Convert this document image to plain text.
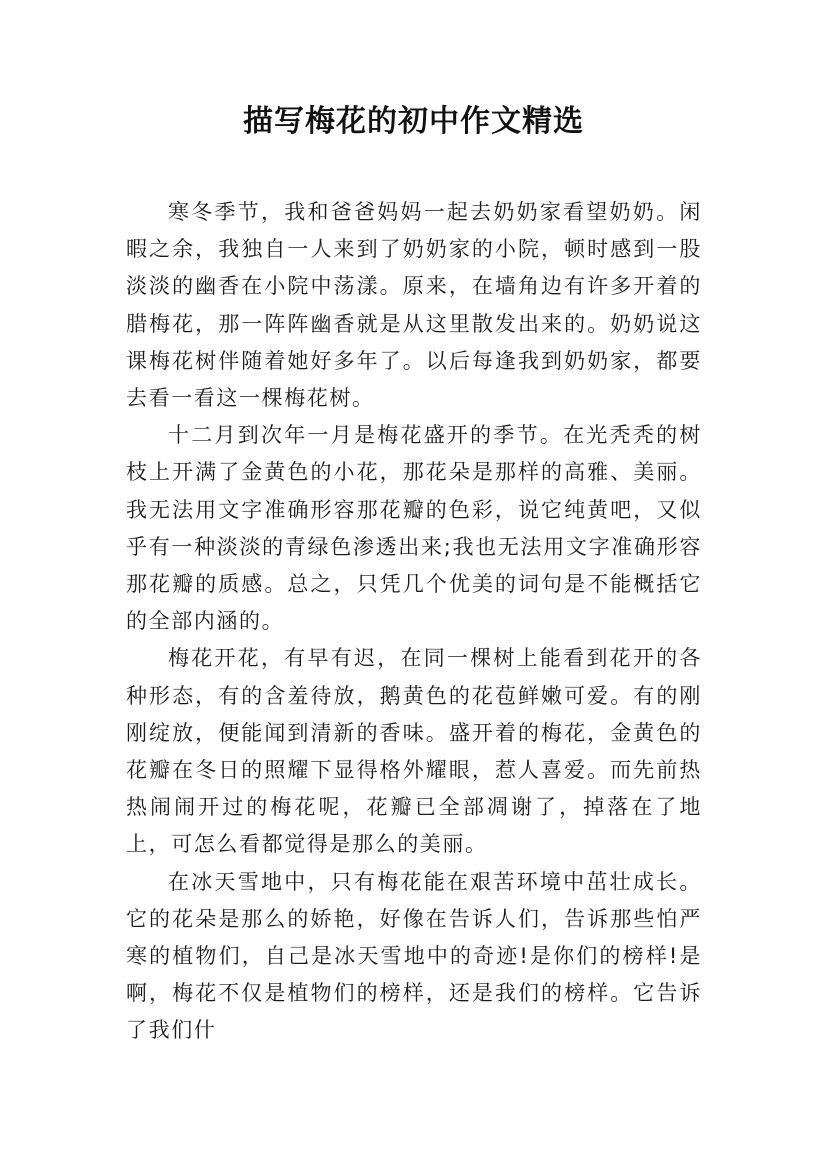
描写梅花的初中作文精选

寒冬季节，我和爸爸妈妈一起去奶奶家看望奶奶。闲暇之余，我独自一人来到了奶奶家的小院，顿时感到一股淡淡的幽香在小院中荡漾。原来，在墙角边有许多开着的腊梅花，那一阵阵幽香就是从这里散发出来的。奶奶说这课梅花树伴随着她好多年了。以后每逢我到奶奶家，都要去看一看这一棵梅花树。

十二月到次年一月是梅花盛开的季节。在光秃秃的树枝上开满了金黄色的小花，那花朵是那样的高雅、美丽。我无法用文字准确形容那花瓣的色彩，说它纯黄吧，又似乎有一种淡淡的青绿色渗透出来;我也无法用文字准确形容那花瓣的质感。总之，只凭几个优美的词句是不能概括它的全部内涵的。

梅花开花，有早有迟，在同一棵树上能看到花开的各种形态，有的含羞待放，鹅黄色的花苞鲜嫩可爱。有的刚刚绽放，便能闻到清新的香味。盛开着的梅花，金黄色的花瓣在冬日的照耀下显得格外耀眼，惹人喜爱。而先前热热闹闹开过的梅花呢，花瓣已全部凋谢了，掉落在了地上，可怎么看都觉得是那么的美丽。

在冰天雪地中，只有梅花能在艰苦环境中茁壮成长。它的花朵是那么的娇艳，好像在告诉人们，告诉那些怕严寒的植物们，自己是冰天雪地中的奇迹!是你们的榜样!是啊，梅花不仅是植物们的榜样，还是我们的榜样。它告诉了我们什
